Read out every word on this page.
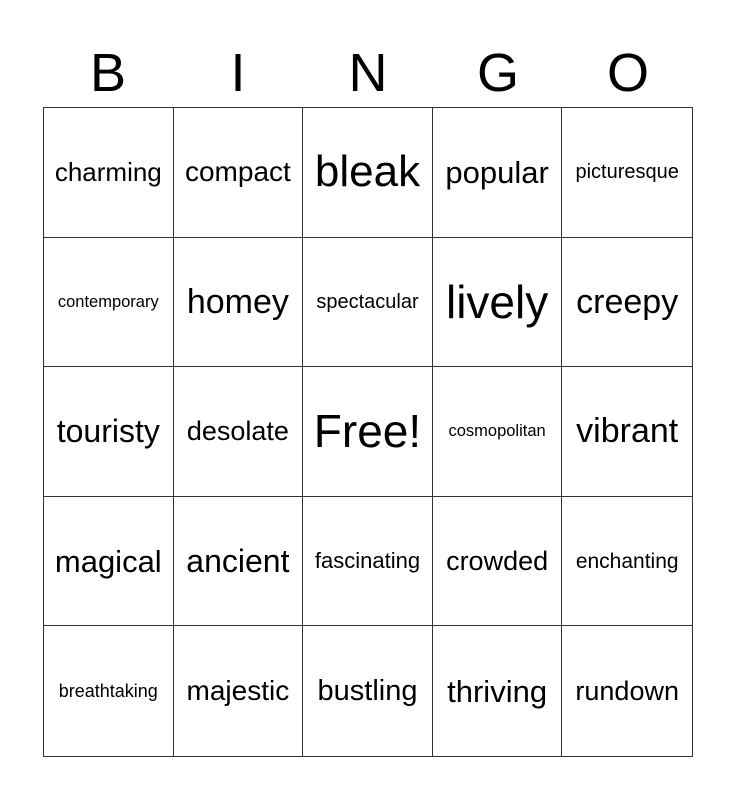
B	I	N	G	O
charming compact bleak popular picturesque
contemporary homey spectacular lively creepy
touristy desolate Free! cosmopolitan vibrant
magical ancient fascinating crowded enchanting
breathtaking majestic bustling thriving rundown
